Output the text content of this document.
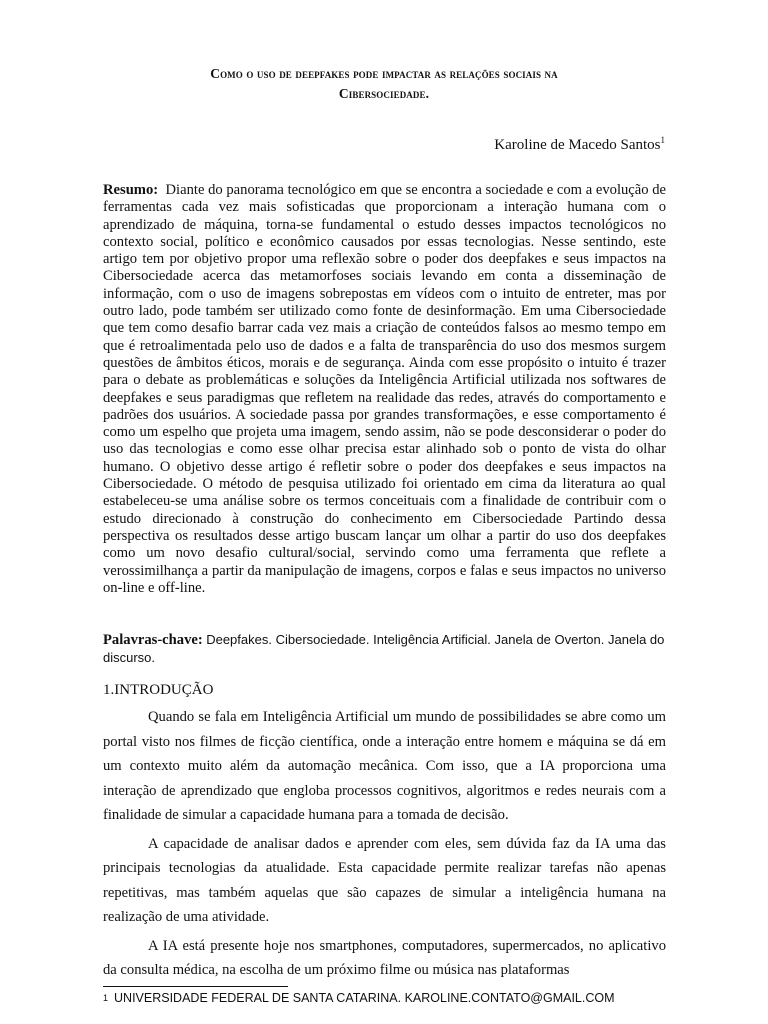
Como o uso de deepfakes pode impactar as relações sociais na
Cibersociedade.
Karoline de Macedo Santos$^1$
Resumo: Diante do panorama tecnológico em que se encontra a sociedade e com a evolução de ferramentas cada vez mais sofisticadas que proporcionam a interação humana com o aprendizado de máquina, torna-se fundamental o estudo desses impactos tecnológicos no contexto social, político e econômico causados por essas tecnologias. Nesse sentindo, este artigo tem por objetivo propor uma reflexão sobre o poder dos deepfakes e seus impactos na Cibersociedade acerca das metamorfoses sociais levando em conta a disseminação de informação, com o uso de imagens sobrepostas em vídeos com o intuito de entreter, mas por outro lado, pode também ser utilizado como fonte de desinformação. Em uma Cibersociedade que tem como desafio barrar cada vez mais a criação de conteúdos falsos ao mesmo tempo em que é retroalimentada pelo uso de dados e a falta de transparência do uso dos mesmos surgem questões de âmbitos éticos, morais e de segurança. Ainda com esse propósito o intuito é trazer para o debate as problemáticas e soluções da Inteligência Artificial utilizada nos softwares de deepfakes e seus paradigmas que refletem na realidade das redes, através do comportamento e padrões dos usuários. A sociedade passa por grandes transformações, e esse comportamento é como um espelho que projeta uma imagem, sendo assim, não se pode desconsiderar o poder do uso das tecnologias e como esse olhar precisa estar alinhado sob o ponto de vista do olhar humano. O objetivo desse artigo é refletir sobre o poder dos deepfakes e seus impactos na Cibersociedade. O método de pesquisa utilizado foi orientado em cima da literatura ao qual estabeleceu-se uma análise sobre os termos conceituais com a finalidade de contribuir com o estudo direcionado à construção do conhecimento em Cibersociedade Partindo dessa perspectiva os resultados desse artigo buscam lançar um olhar a partir do uso dos deepfakes como um novo desafio cultural/social, servindo como uma ferramenta que reflete a verossimilhança a partir da manipulação de imagens, corpos e falas e seus impactos no universo on-line e off-line.
Palavras-chave: Deepfakes. Cibersociedade. Inteligência Artificial. Janela de Overton. Janela do discurso.
1.INTRODUÇÃO

Quando se fala em Inteligência Artificial um mundo de possibilidades se abre como um portal visto nos filmes de ficção científica, onde a interação entre homem e máquina se dá em um contexto muito além da automação mecânica. Com isso, que a IA proporciona uma interação de aprendizado que engloba processos cognitivos, algoritmos e redes neurais com a finalidade de simular a capacidade humana para a tomada de decisão.

A capacidade de analisar dados e aprender com eles, sem dúvida faz da IA uma das principais tecnologias da atualidade. Esta capacidade permite realizar tarefas não apenas repetitivas, mas também aquelas que são capazes de simular a inteligência humana na realização de uma atividade.

A IA está presente hoje nos smartphones, computadores, supermercados, no aplicativo da consulta médica, na escolha de um próximo filme ou música nas plataformas

$^1$ UNIVERSIDADE FEDERAL DE SANTA CATARINA. KAROLINE.CONTATO@GMAIL.COM
